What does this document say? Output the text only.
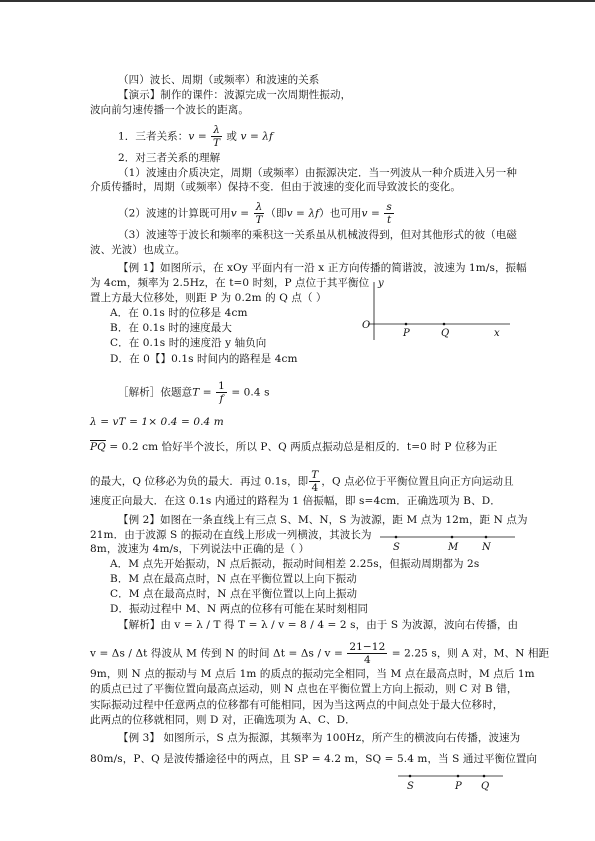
（四）波长、周期（或频率）和波速的关系
【演示】制作的课件：波源完成一次周期性振动，
波向前匀速传播一个波长的距离。
1．三者关系：$v = \frac{\lambda}{T}$ 或 v = λf
2．对三者关系的理解
（1）波速由介质决定，周期（或频率）由振源决定．当一列波从一种介质进入另一种
介质传播时，周期（或频率）保持不变．但由于波速的变化而导致波长的变化。
（2）波速的计算既可用$v = \frac{\lambda}{T}$ （即v = λf）也可用$v = \frac{s}{t}$
（3）波速等于波长和频率的乘积这一关系虽从机械波得到，但对其他形式的彼（电磁
波、光波）也成立。
【例 1】如图所示，在 xOy 平面内有一沿 x 正方向传播的简谐波，波速为 1m/s，振幅
为 4cm，频率为 2.5Hz，在 t=0 时刻，P 点位于其平衡位
置上方最大位移处，则距 P 为 0.2m 的 Q 点（ ）
A．在 0.1s 时的位移是 4cm
B．在 0.1s 时的速度最大
C．在 0.1s 时的速度沿 y 轴负向
D．在 0【】0.1s 时间内的路程是 4cm
y
O
P	Q	x
［解析］依题意$T = \frac{1}{f} = 0.4$ s
λ = vT = 1× 0.4 = 0.4 m
$\overline{PQ} = 0.2$ cm 恰好半个波长，所以 P、Q 两质点振动总是相反的．t=0 时 P 位移为正
的最大，Q 位移必为负的最大．再过 0.1s，即 $\frac{T}{4}$ ，Q 点必位于平衡位置且向正方向运动且
速度正向最大．在这 0.1s 内通过的路程为 1 倍振幅，即 s=4cm．正确选项为 B、D．
【例 2】如图在一条直线上有三点 S、M、N，S 为波源，距 M 点为 12m，距 N 点为
21m．由于波源 S 的振动在直线上形成一列横波，其波长为
8m，波速为 4m/s，下列说法中正确的是（ ）	S	M N
A．M 点先开始振动，N 点后振动，振动时间相差 2.25s，但振动周期都为 2s
B．M 点在最高点时，N 点在平衡位置以上向下振动
C．M 点在最高点时，N 点在平衡位置以上向上振动
D．振动过程中 M、N 两点的位移有可能在某时刻相同
【解析】由 v = λ / T 得 T = λ / v = 8 / 4 = 2 s，由于 S 为波源，波向右传播，由
v = Δs / Δt 得波从 M 传到 N 的时间 $\Delta t = \Delta s / v = \frac{21-12}{4} = 2.25$ s，则 A 对，M、N 相距
9m，则 N 点的振动与 M 点后 1m 的质点的振动完全相同，当 M 点在最高点时，M 点后 1m
的质点已过了平衡位置向最高点运动，则 N 点也在平衡位置上方向上振动，则 C 对 B 错，
实际振动过程中任意两点的位移都有可能相同，因为当这两点的中间点处于最大位移时，
此两点的位移就相同，则 D 对，正确选项为 A、C、D．
【例 3】 如图所示，S 点为振源，其频率为 100Hz，所产生的横波向右传播，波速为
80m/s，P、Q 是波传播途径中的两点，且 SP = 4.2 m，SQ = 5.4 m，当 S 通过平衡位置向
S	P Q
